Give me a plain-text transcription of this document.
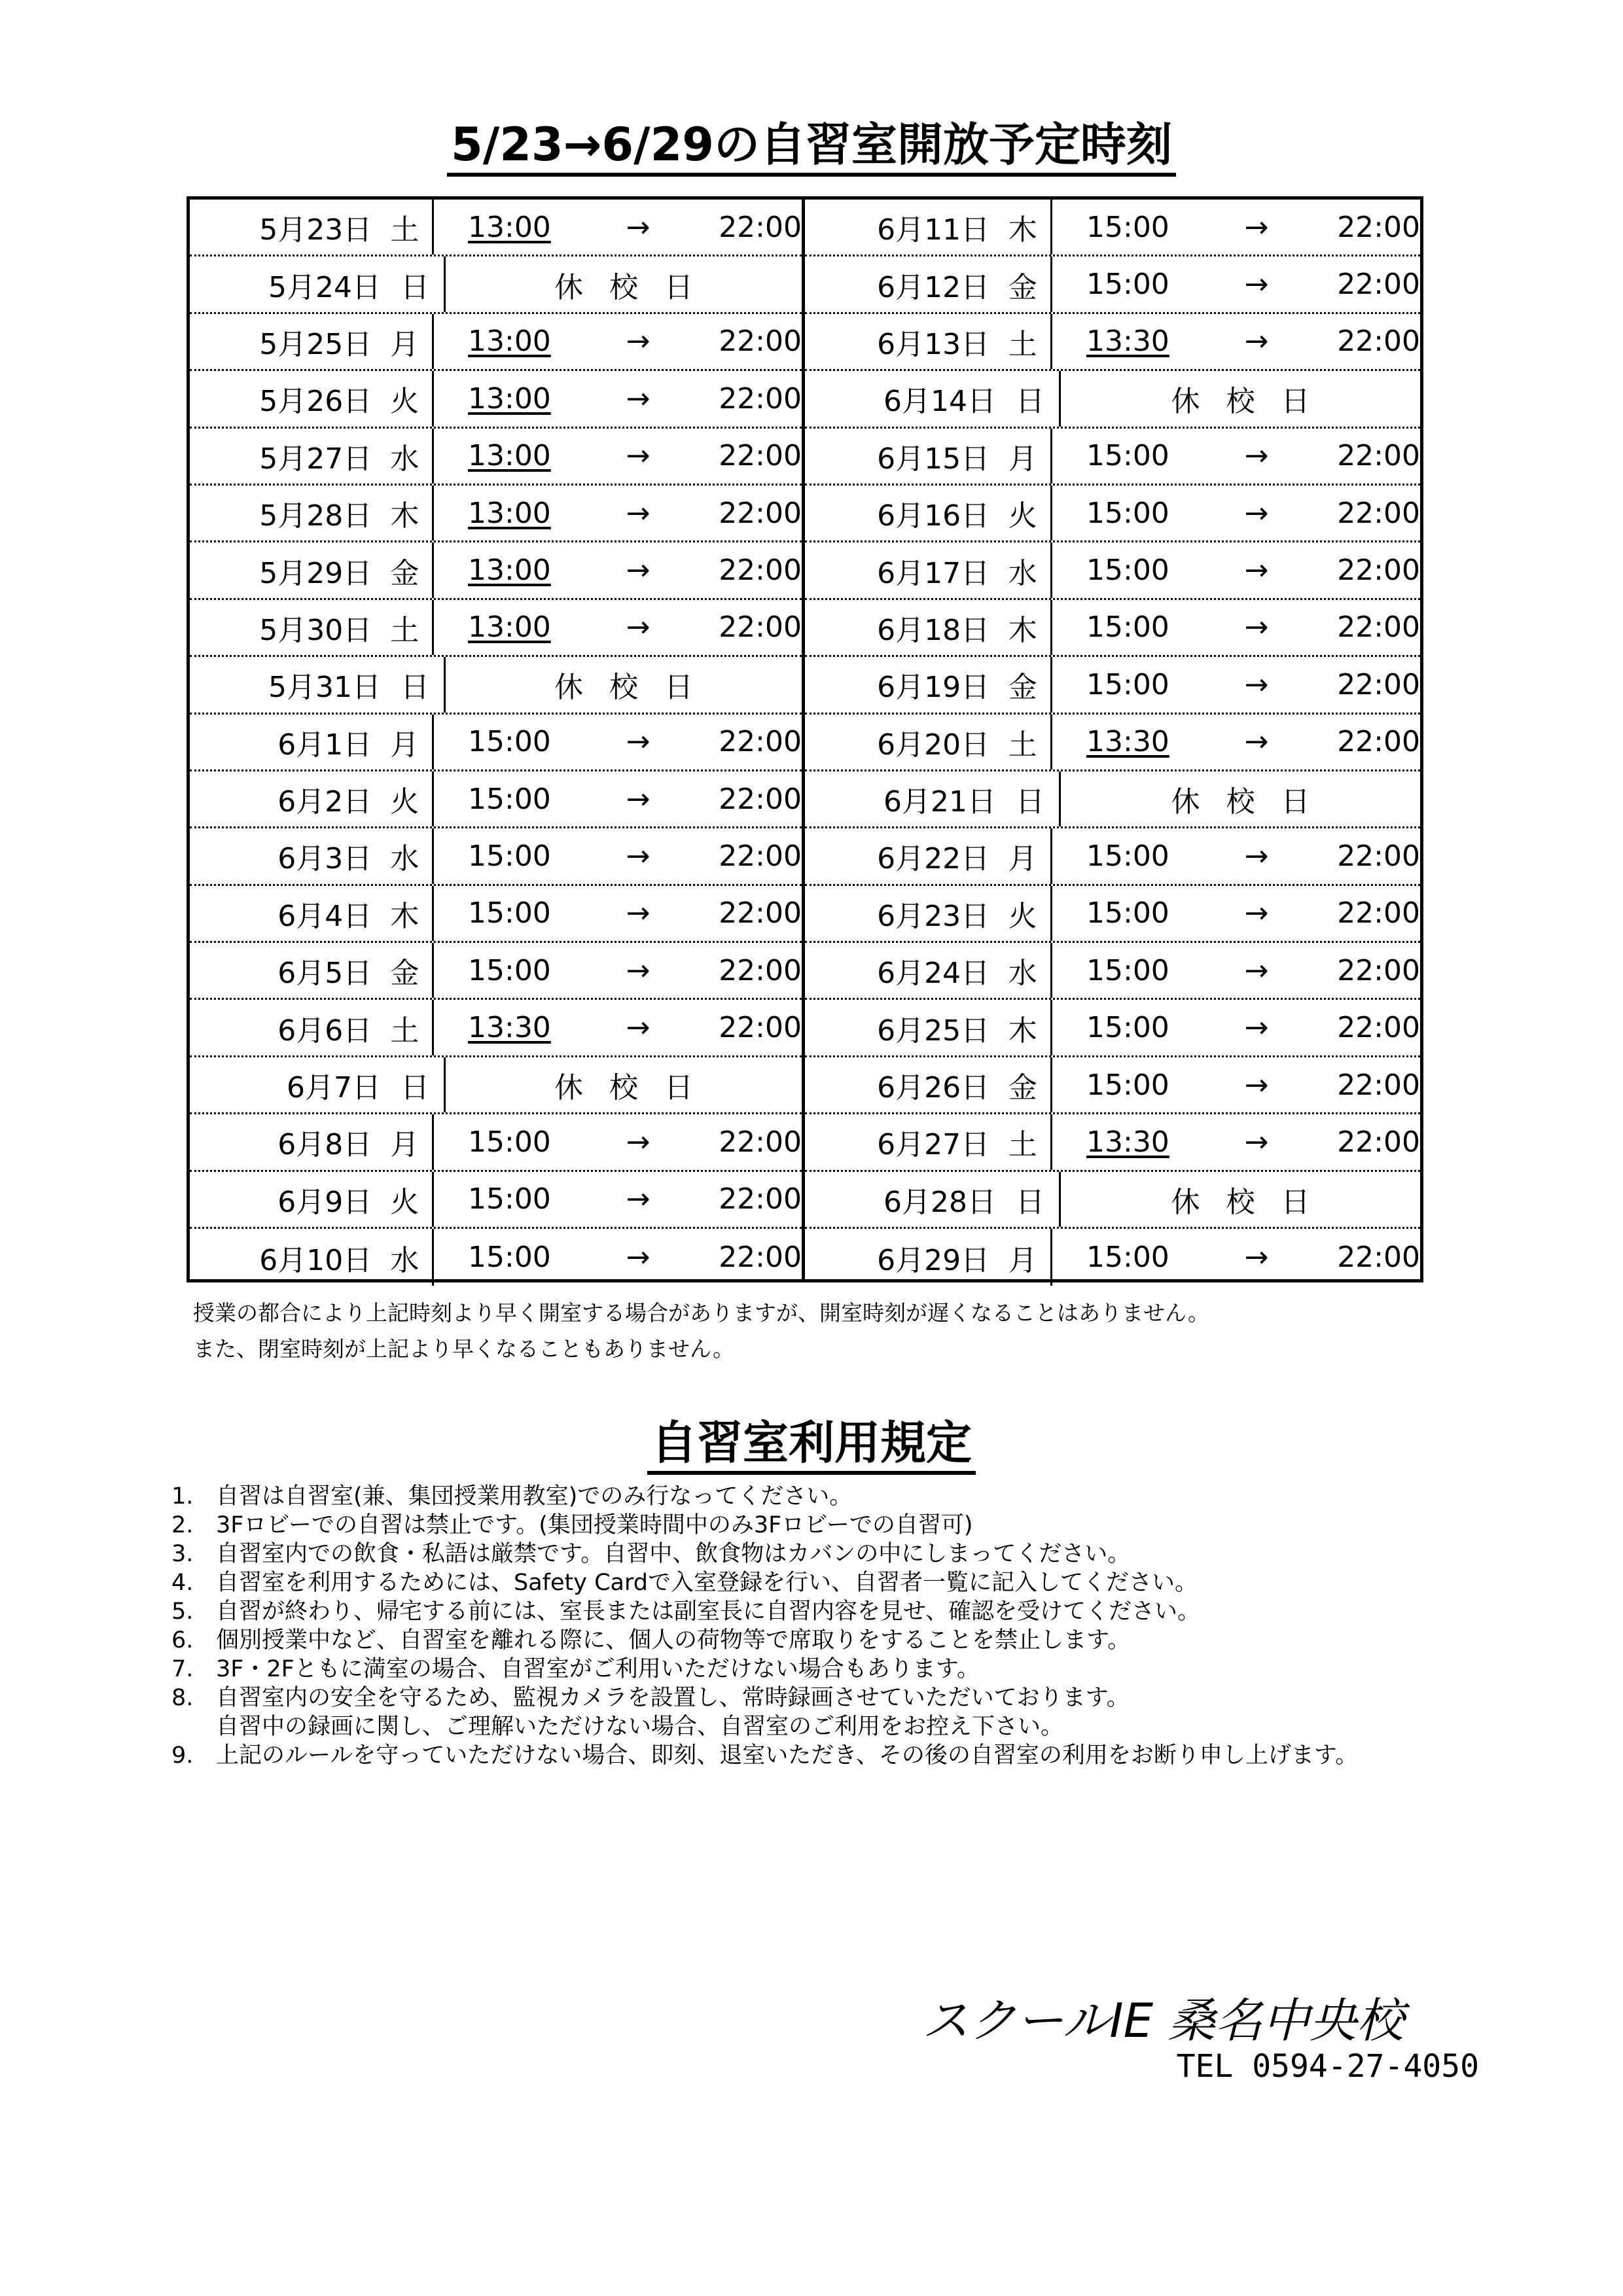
5/23→6/29の自習室開放予定時刻
5月23日 土	13:00	→	22:00
5月24日 日	休校日
5月25日 月	13:00	→	22:00
5月26日 火	13:00	→	22:00
5月27日 水	13:00	→	22:00
5月28日 木	13:00	→	22:00
5月29日 金	13:00	→	22:00
5月30日 土	13:00	→	22:00
5月31日 日	休校日
6月1日 月	15:00	→	22:00
6月2日 火	15:00	→	22:00
6月3日 水	15:00	→	22:00
6月4日 木	15:00	→	22:00
6月5日 金	15:00	→	22:00
6月6日 土	13:30	→	22:00
6月7日 日	休校日
6月8日 月	15:00	→	22:00
6月9日 火	15:00	→	22:00
6月10日 水	15:00	→	22:00
6月11日 木	15:00	→	22:00
6月12日 金	15:00	→	22:00
6月13日 土	13:30	→	22:00
6月14日 日	休校日
6月15日 月	15:00	→	22:00
6月16日 火	15:00	→	22:00
6月17日 水	15:00	→	22:00
6月18日 木	15:00	→	22:00
6月19日 金	15:00	→	22:00
6月20日 土	13:30	→	22:00
6月21日 日	休校日
6月22日 月	15:00	→	22:00
6月23日 火	15:00	→	22:00
6月24日 水	15:00	→	22:00
6月25日 木	15:00	→	22:00
6月26日 金	15:00	→	22:00
6月27日 土	13:30	→	22:00
6月28日 日	休校日
6月29日 月	15:00	→	22:00
授業の都合により上記時刻より早く開室する場合がありますが、開室時刻が遅くなることはありません。
また、閉室時刻が上記より早くなることもありません。
自習室利用規定
1. 自習は自習室(兼、集団授業用教室)でのみ行なってください。
2. 3Fロビーでの自習は禁止です。(集団授業時間中のみ3Fロビーでの自習可)
3. 自習室内での飲食・私語は厳禁です。自習中、飲食物はカバンの中にしまってください。
4. 自習室を利用するためには、Safety Cardで入室登録を行い、自習者一覧に記入してください。
5. 自習が終わり、帰宅する前には、室長または副室長に自習内容を見せ、確認を受けてください。
6. 個別授業中など、自習室を離れる際に、個人の荷物等で席取りをすることを禁止します。
7. 3F・2Fともに満室の場合、自習室がご利用いただけない場合もあります。
8. 自習室内の安全を守るため、監視カメラを設置し、常時録画させていただいております。
自習中の録画に関し、ご理解いただけない場合、自習室のご利用をお控え下さい。
9. 上記のルールを守っていただけない場合、即刻、退室いただき、その後の自習室の利用をお断り申し上げます。
スクールIE 桑名中央校
TEL 0594-27-4050
